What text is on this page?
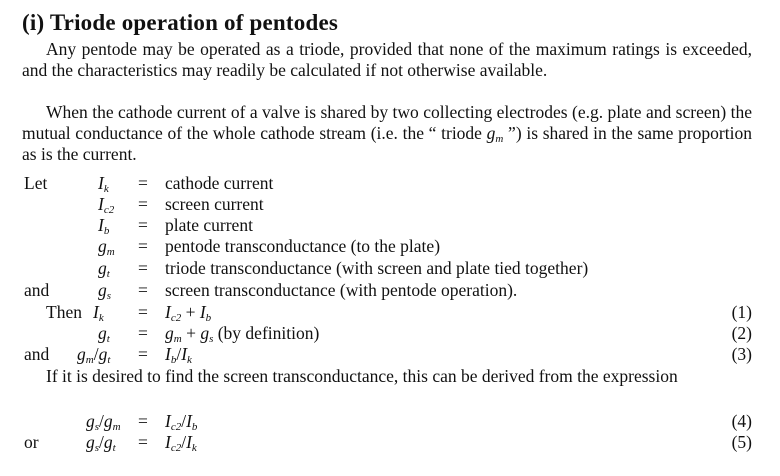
(i) Triode operation of pentodes
Any pentode may be operated as a triode, provided that none of the maximum ratings is exceeded, and the characteristics may readily be calculated if not otherwise available.
When the cathode current of a valve is shared by two collecting electrodes (e.g. plate and screen) the mutual conductance of the whole cathode stream (i.e. the “ triode $g_m$ ”) is shared in the same proportion as is the current.
Let	$I_k$ = cathode current
$I_{c2}$ = screen current
$I_b$ = plate current
$g_m$ = pentode transconductance (to the plate)
$g_t$ = triode transconductance (with screen and plate tied together)
and	$g_s$ = screen transconductance (with pentode operation).
Then $I_k = I_{c2} + I_b$	(1)
$g_t = g_m + g_s$ (by definition)	(2)
and $g_m/g_t = I_b/I_k$	(3)
If it is desired to find the screen transconductance, this can be derived from the expression
$g_s/g_m = I_{c2}/I_b$	(4)
or	$g_s/g_t = I_{c2}/I_k$	(5)
